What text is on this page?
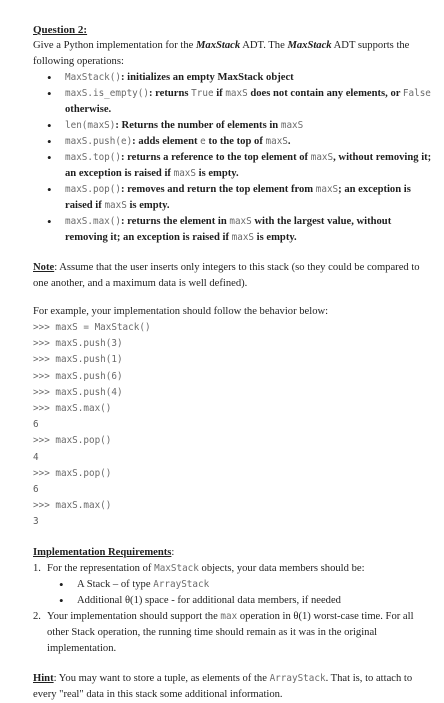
Question 2:

Give a Python implementation for the MaxStack ADT. The MaxStack ADT supports the following operations:

• MaxStack(): initializes an empty MaxStack object
• maxS.is_empty(): returns True if maxS does not contain any elements, or False otherwise.
• len(maxS): Returns the number of elements in maxS
• maxS.push(e): adds element e to the top of maxS.
• maxS.top(): returns a reference to the top element of maxS, without removing it; an exception is raised if maxS is empty.
• maxS.pop(): removes and return the top element from maxS; an exception is raised if maxS is empty.
• maxS.max(): returns the element in maxS with the largest value, without removing it; an exception is raised if maxS is empty.

Note: Assume that the user inserts only integers to this stack (so they could be compared to one another, and a maximum data is well defined).

For example, your implementation should follow the behavior below:

>>> maxS = MaxStack()
>>> maxS.push(3)
>>> maxS.push(1)
>>> maxS.push(6)
>>> maxS.push(4)
>>> maxS.max()
6
>>> maxS.pop()
4
>>> maxS.pop()
6
>>> maxS.max()
3

Implementation Requirements:

1. For the representation of MaxStack objects, your data members should be:
• A Stack – of type ArrayStack
• Additional θ(1) space - for additional data members, if needed
2. Your implementation should support the max operation in θ(1) worst-case time. For all other Stack operation, the running time should remain as it was in the original implementation.

Hint: You may want to store a tuple, as elements of the ArrayStack. That is, to attach to every "real" data in this stack some additional information.
